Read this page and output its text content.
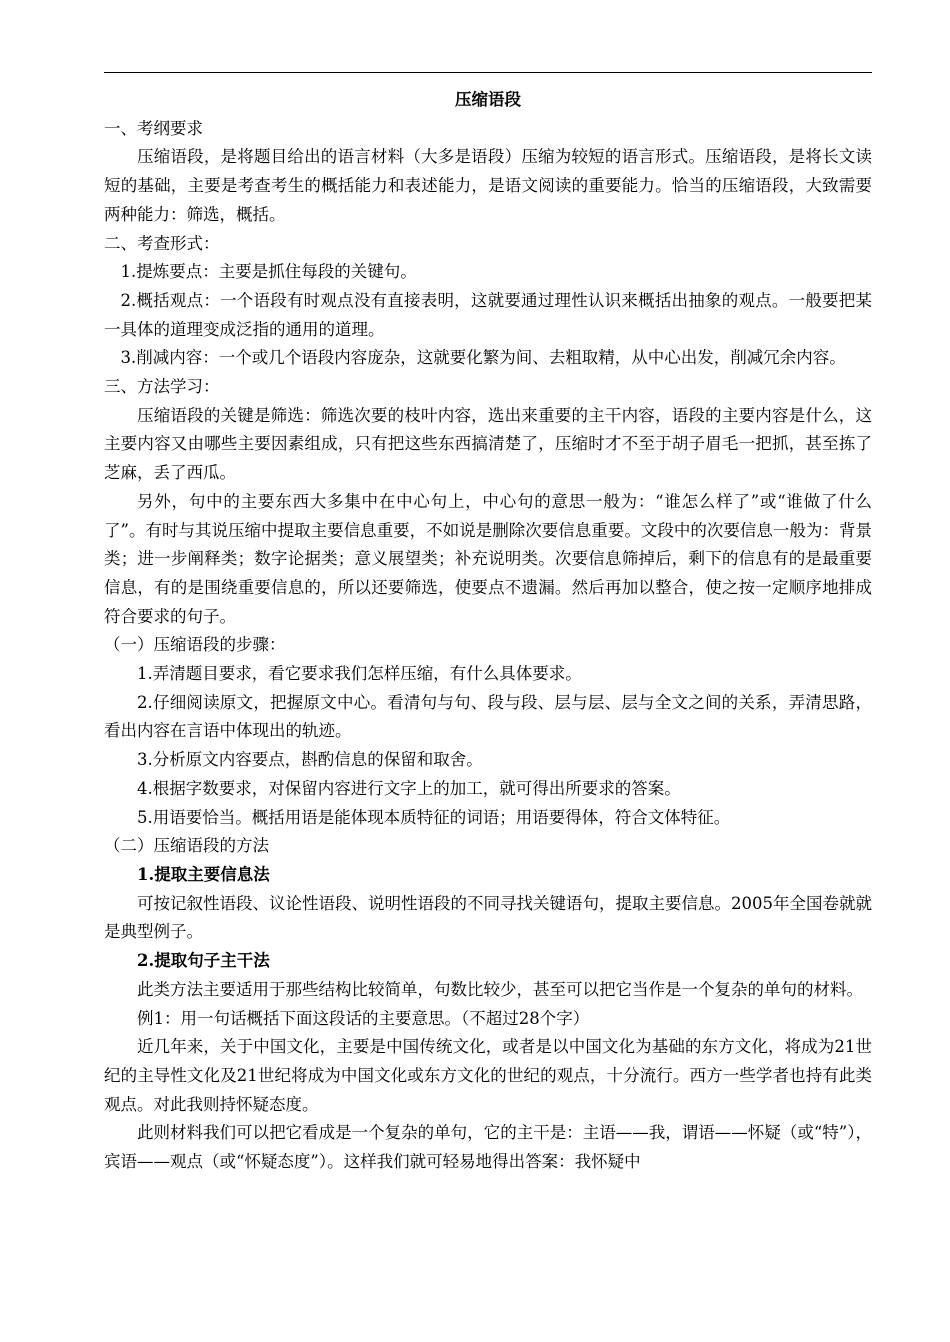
压缩语段

一、考纲要求

压缩语段，是将题目给出的语言材料（大多是语段）压缩为较短的语言形式。压缩语段，是将长文读短的基础，主要是考查考生的概括能力和表述能力，是语文阅读的重要能力。恰当的压缩语段，大致需要两种能力：筛选，概括。

二、考查形式：

1.提炼要点：主要是抓住每段的关键句。

2.概括观点：一个语段有时观点没有直接表明，这就要通过理性认识来概括出抽象的观点。一般要把某一具体的道理变成泛指的通用的道理。

3.削减内容：一个或几个语段内容庞杂，这就要化繁为间、去粗取精，从中心出发，削减冗余内容。

三、方法学习：

压缩语段的关键是筛选：筛选次要的枝叶内容，选出来重要的主干内容，语段的主要内容是什么，这主要内容又由哪些主要因素组成，只有把这些东西搞清楚了，压缩时才不至于胡子眉毛一把抓，甚至拣了芝麻，丢了西瓜。

另外，句中的主要东西大多集中在中心句上，中心句的意思一般为：“谁怎么样了”或“谁做了什么了”。有时与其说压缩中提取主要信息重要，不如说是删除次要信息重要。文段中的次要信息一般为：背景类；进一步阐释类；数字论据类；意义展望类；补充说明类。次要信息筛掉后，剩下的信息有的是最重要信息，有的是围绕重要信息的，所以还要筛选，使要点不遗漏。然后再加以整合，使之按一定顺序地排成符合要求的句子。

（一）压缩语段的步骤：

1.弄清题目要求，看它要求我们怎样压缩，有什么具体要求。

2.仔细阅读原文，把握原文中心。看清句与句、段与段、层与层、层与全文之间的关系，弄清思路，看出内容在言语中体现出的轨迹。

3.分析原文内容要点，斟酌信息的保留和取舍。

4.根据字数要求，对保留内容进行文字上的加工，就可得出所要求的答案。

5.用语要恰当。概括用语是能体现本质特征的词语；用语要得体，符合文体特征。

（二）压缩语段的方法

1.提取主要信息法

可按记叙性语段、议论性语段、说明性语段的不同寻找关键语句，提取主要信息。2005年全国卷就就是典型例子。

2.提取句子主干法

此类方法主要适用于那些结构比较简单，句数比较少，甚至可以把它当作是一个复杂的单句的材料。

例1：用一句话概括下面这段话的主要意思。（不超过28个字）

近几年来，关于中国文化，主要是中国传统文化，或者是以中国文化为基础的东方文化，将成为21世纪的主导性文化及21世纪将成为中国文化或东方文化的世纪的观点，十分流行。西方一些学者也持有此类观点。对此我则持怀疑态度。

此则材料我们可以把它看成是一个复杂的单句，它的主干是：主语——我，谓语——怀疑（或“特”），宾语——观点（或“怀疑态度”）。这样我们就可轻易地得出答案：我怀疑中
